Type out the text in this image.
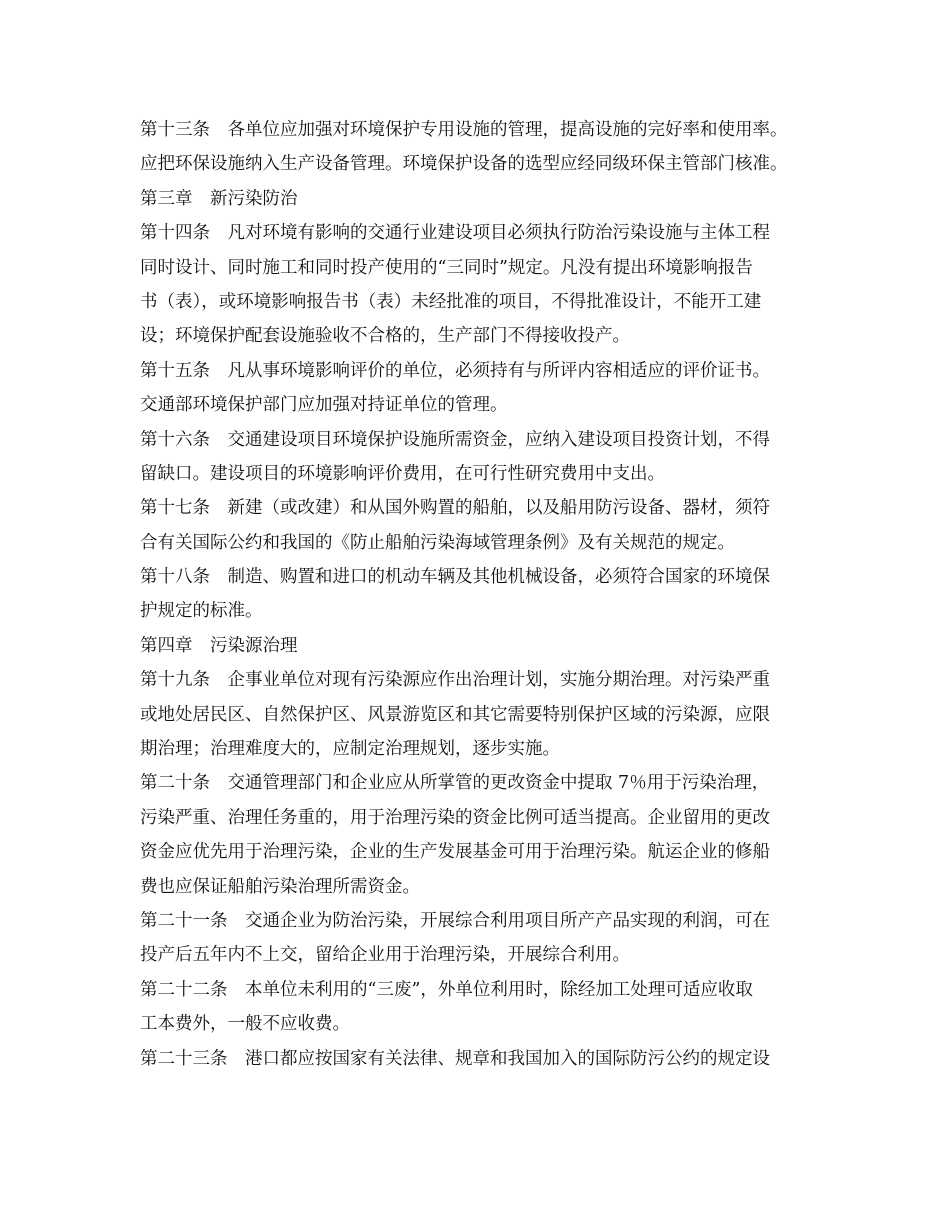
第十三条　各单位应加强对环境保护专用设施的管理，提高设施的完好率和使用率。
应把环保设施纳入生产设备管理。环境保护设备的选型应经同级环保主管部门核准。
第三章　新污染防治
第十四条　凡对环境有影响的交通行业建设项目必须执行防治污染设施与主体工程
同时设计、同时施工和同时投产使用的“三同时”规定。凡没有提出环境影响报告
书（表），或环境影响报告书（表）未经批准的项目，不得批准设计，不能开工建
设；环境保护配套设施验收不合格的，生产部门不得接收投产。
第十五条　凡从事环境影响评价的单位，必须持有与所评内容相适应的评价证书。
交通部环境保护部门应加强对持证单位的管理。
第十六条　交通建设项目环境保护设施所需资金，应纳入建设项目投资计划，不得
留缺口。建设项目的环境影响评价费用，在可行性研究费用中支出。
第十七条　新建（或改建）和从国外购置的船舶，以及船用防污设备、器材，须符
合有关国际公约和我国的《防止船舶污染海域管理条例》及有关规范的规定。
第十八条　制造、购置和进口的机动车辆及其他机械设备，必须符合国家的环境保
护规定的标准。
第四章　污染源治理
第十九条　企事业单位对现有污染源应作出治理计划，实施分期治理。对污染严重
或地处居民区、自然保护区、风景游览区和其它需要特别保护区域的污染源，应限
期治理；治理难度大的，应制定治理规划，逐步实施。
第二十条　交通管理部门和企业应从所掌管的更改资金中提取 7％用于污染治理，
污染严重、治理任务重的，用于治理污染的资金比例可适当提高。企业留用的更改
资金应优先用于治理污染，企业的生产发展基金可用于治理污染。航运企业的修船
费也应保证船舶污染治理所需资金。
第二十一条　交通企业为防治污染，开展综合利用项目所产产品实现的利润，可在
投产后五年内不上交，留给企业用于治理污染，开展综合利用。
第二十二条　本单位未利用的“三废”，外单位利用时，除经加工处理可适应收取
工本费外，一般不应收费。
第二十三条　港口都应按国家有关法律、规章和我国加入的国际防污公约的规定设
